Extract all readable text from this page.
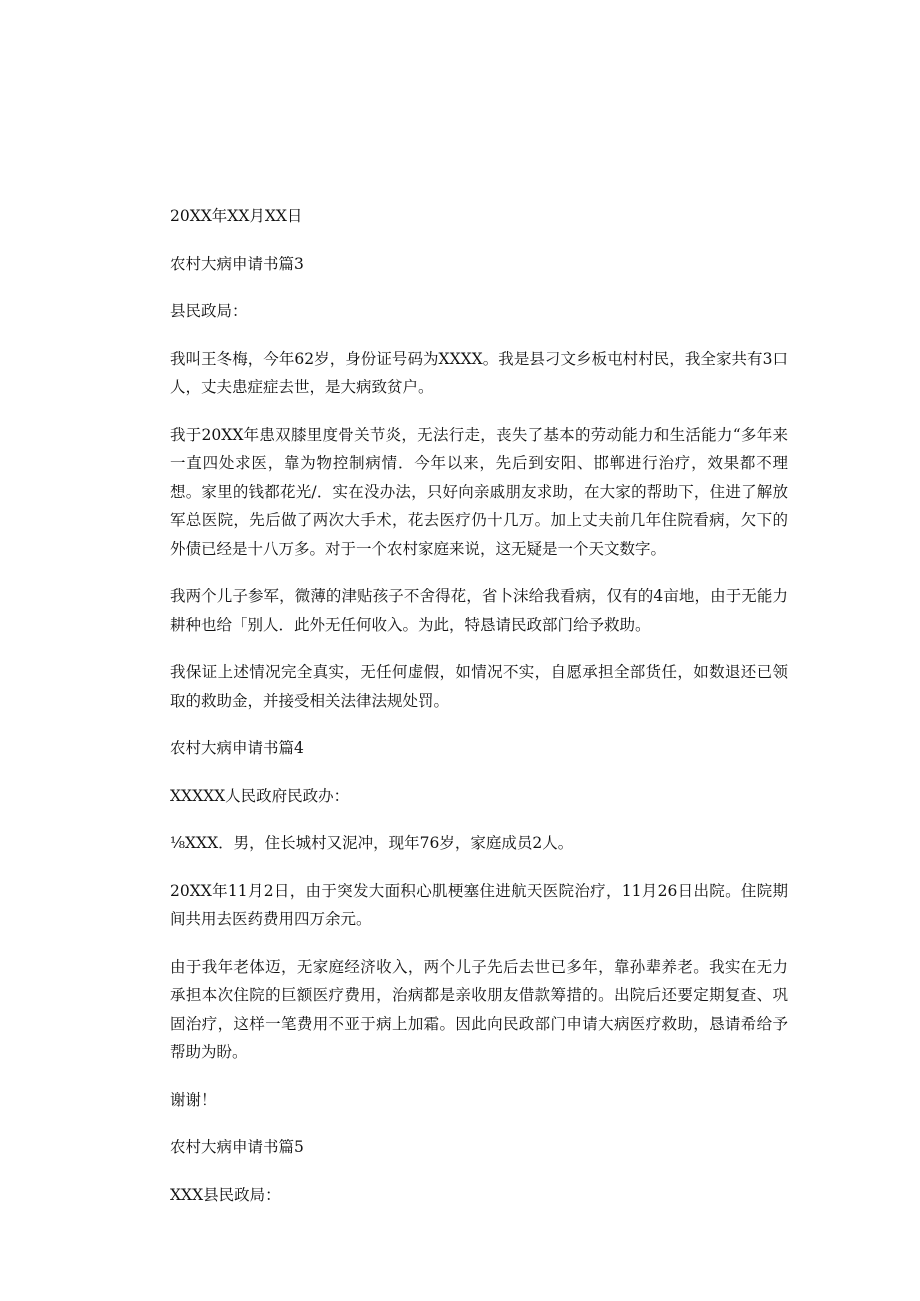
20XX年XX月XX日

农村大病申请书篇3

县民政局：

我叫王冬梅，今年62岁，身份证号码为XXXX。我是县刁文乡板屯村村民，我全家共有3口人，丈夫患症症去世，是大病致贫户。

我于20XX年患双膝里度骨关节炎，无法行走，丧失了基本的劳动能力和生活能力“多年来一直四处求医，靠为物控制病情．今年以来，先后到安阳、邯郸进行治疗，效果都不理想。家里的钱都花光/．实在没办法，只好向亲戚朋友求助，在大家的帮助下，住进了解放军总医院，先后做了两次大手术，花去医疗仍十几万。加上丈夫前几年住院看病，欠下的外债已经是十八万多。对于一个农村家庭来说，这无疑是一个天文数字。

我两个儿子参军，微薄的津贴孩子不舍得花，省卜沫给我看病，仅有的4亩地，由于无能力耕种也给「别人．此外无任何收入。为此，特恳请民政部门给予救助。

我保证上述情况完全真实，无任何虚假，如情况不实，自愿承担全部货任，如数退还已领取的救助金，并接受相关法律法规处罚。

农村大病申请书篇4

XXXXX人民政府民政办：

⅛XXX．男，住长城村又泥冲，现年76岁，家庭成员2人。

20XX年11月2日，由于突发大面积心肌梗塞住进航天医院治疗，11月26日出院。住院期间共用去医药费用四万余元。

由于我年老体迈，无家庭经济收入，两个儿子先后去世已多年，靠孙辈养老。我实在无力承担本次住院的巨额医疗费用，治病都是亲收朋友借款筹措的。出院后还要定期复查、巩固治疗，这样一笔费用不亚于病上加霜。因此向民政部门申请大病医疗救助，恳请希给予帮助为盼。

谢谢！

农村大病申请书篇5

XXX县民政局：
